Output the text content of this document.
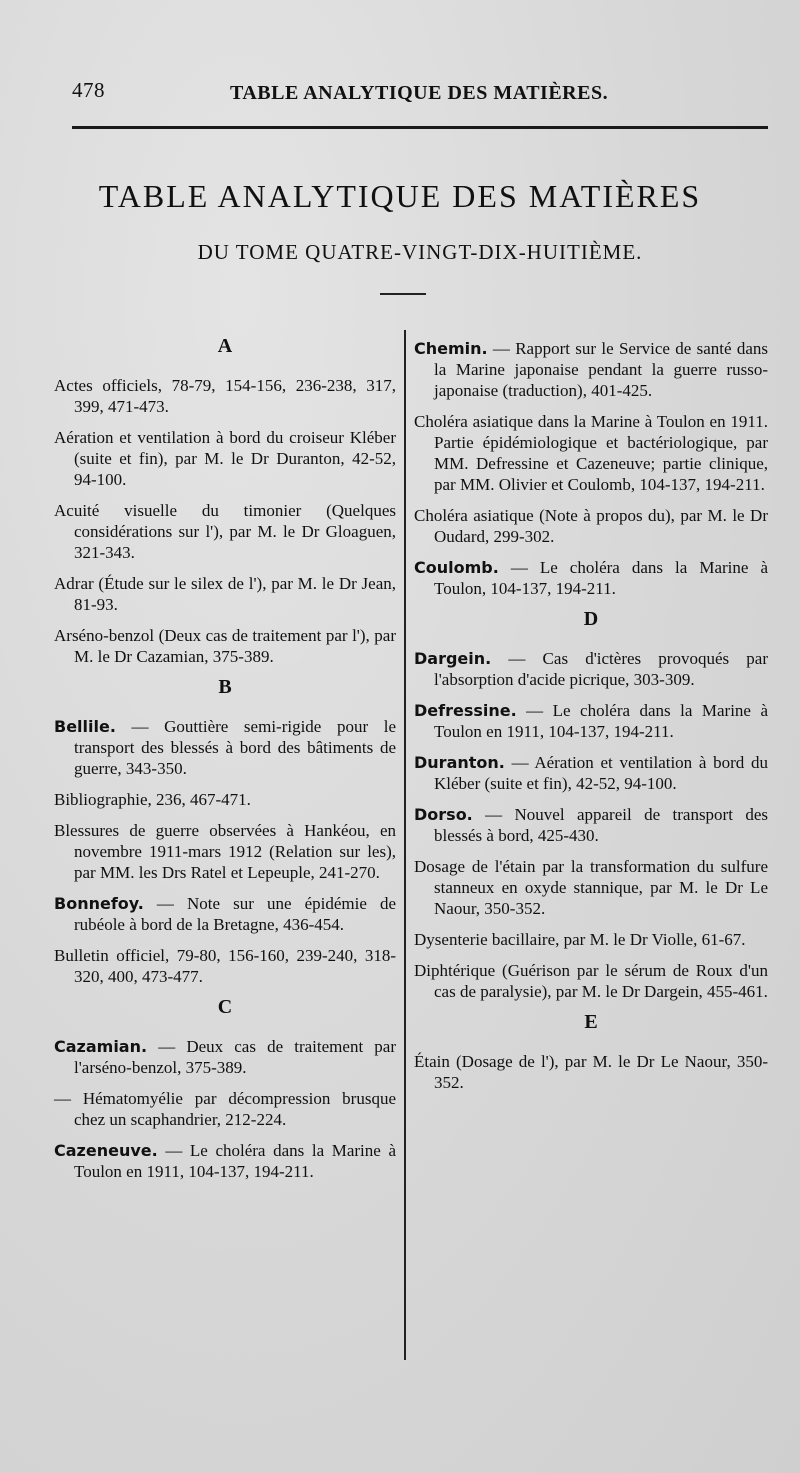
478	TABLE ANALYTIQUE DES MATIÈRES.
TABLE ANALYTIQUE DES MATIÈRES
DU TOME QUATRE-VINGT-DIX-HUITIÈME.
A

Actes officiels, 78-79, 154-156, 236-238, 317, 399, 471-473.

Aération et ventilation à bord du croiseur Kléber (suite et fin), par M. le Dr Duranton, 42-52, 94-100.

Acuité visuelle du timonier (Quelques considérations sur l'), par M. le Dr Gloaguen, 321-343.

Adrar (Étude sur le silex de l'), par M. le Dr Jean, 81-93.

Arséno-benzol (Deux cas de traitement par l'), par M. le Dr Cazamian, 375-389.

B

Bellile. — Gouttière semi-rigide pour le transport des blessés à bord des bâtiments de guerre, 343-350.

Bibliographie, 236, 467-471.

Blessures de guerre observées à Hankéou, en novembre 1911-mars 1912 (Relation sur les), par MM. les Drs Ratel et Lepeuple, 241-270.

Bonnefoy. — Note sur une épidémie de rubéole à bord de la Bretagne, 436-454.

Bulletin officiel, 79-80, 156-160, 239-240, 318-320, 400, 473-477.

C

Cazamian. — Deux cas de traitement par l'arséno-benzol, 375-389.

— Hématomyélie par décompression brusque chez un scaphandrier, 212-224.

Cazeneuve. — Le choléra dans la Marine à Toulon en 1911, 104-137, 194-211.

Chemin. — Rapport sur le Service de santé dans la Marine japonaise pendant la guerre russo-japonaise (traduction), 401-425.

Choléra asiatique dans la Marine à Toulon en 1911. Partie épidémiologique et bactériologique, par MM. Defressine et Cazeneuve; partie clinique, par MM. Olivier et Coulomb, 104-137, 194-211.

Choléra asiatique (Note à propos du), par M. le Dr Oudard, 299-302.

Coulomb. — Le choléra dans la Marine à Toulon, 104-137, 194-211.

D

Dargein. — Cas d'ictères provoqués par l'absorption d'acide picrique, 303-309.

Defressine. — Le choléra dans la Marine à Toulon en 1911, 104-137, 194-211.

Duranton. — Aération et ventilation à bord du Kléber (suite et fin), 42-52, 94-100.

Dorso. — Nouvel appareil de transport des blessés à bord, 425-430.

Dosage de l'étain par la transformation du sulfure stanneux en oxyde stannique, par M. le Dr Le Naour, 350-352.

Dysenterie bacillaire, par M. le Dr Violle, 61-67.

Diphtérique (Guérison par le sérum de Roux d'un cas de paralysie), par M. le Dr Dargein, 455-461.

E

Étain (Dosage de l'), par M. le Dr Le Naour, 350-352.
